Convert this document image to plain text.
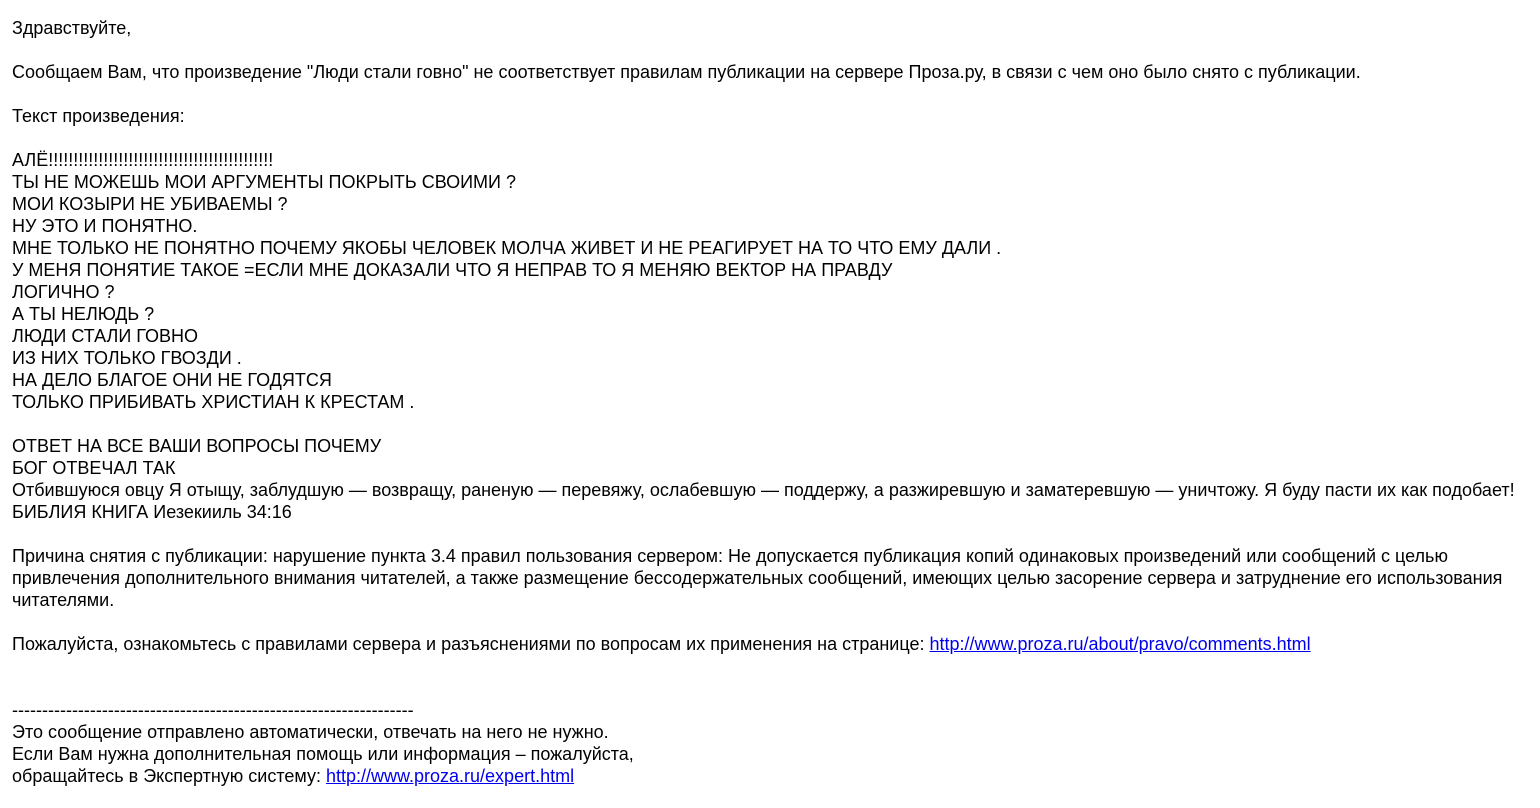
Здравствуйте,
Сообщаем Вам, что произведение "Люди стали говно" не соответствует правилам публикации на сервере Проза.ру, в связи с чем оно было снято с публикации.
Текст произведения:
АЛЁ!!!!!!!!!!!!!!!!!!!!!!!!!!!!!!!!!!!!!!!!!!!!!
ТЫ НЕ МОЖЕШЬ МОИ АРГУМЕНТЫ ПОКРЫТЬ СВОИМИ ?
МОИ КОЗЫРИ НЕ УБИВАЕМЫ ?
НУ ЭТО И ПОНЯТНО.
МНЕ ТОЛЬКО НЕ ПОНЯТНО ПОЧЕМУ ЯКОБЫ ЧЕЛОВЕК МОЛЧА ЖИВЕТ И НЕ РЕАГИРУЕТ НА ТО ЧТО ЕМУ ДАЛИ .
У МЕНЯ ПОНЯТИЕ ТАКОЕ =ЕСЛИ МНЕ ДОКАЗАЛИ ЧТО Я НЕПРАВ ТО Я МЕНЯЮ ВЕКТОР НА ПРАВДУ
ЛОГИЧНО ?
А ТЫ НЕЛЮДЬ ?
ЛЮДИ СТАЛИ ГОВНО
ИЗ НИХ ТОЛЬКО ГВОЗДИ .
НА ДЕЛО БЛАГОЕ ОНИ НЕ ГОДЯТСЯ
ТОЛЬКО ПРИБИВАТЬ ХРИСТИАН К КРЕСТАМ .
ОТВЕТ НА ВСЕ ВАШИ ВОПРОСЫ ПОЧЕМУ
БОГ ОТВЕЧАЛ ТАК
Отбившуюся овцу Я отыщу, заблудшую — возвращу, раненую — перевяжу, ослабевшую — поддержу, а разжиревшую и заматеревшую — уничтожу. Я буду пасти их как подобает! БИБЛИЯ КНИГА Иезекииль 34:16
Причина снятия с публикации: нарушение пункта 3.4 правил пользования сервером: Не допускается публикация копий одинаковых произведений или сообщений с целью привлечения дополнительного внимания читателей, а также размещение бессодержательных сообщений, имеющих целью засорение сервера и затруднение его использования читателями.
Пожалуйста, ознакомьтесь с правилами сервера и разъяснениями по вопросам их применения на странице: http://www.proza.ru/about/pravo/comments.html
-------------------------------------------------------------------
Это сообщение отправлено автоматически, отвечать на него не нужно.
Если Вам нужна дополнительная помощь или информация – пожалуйста,
обращайтесь в Экспертную систему: http://www.proza.ru/expert.html
